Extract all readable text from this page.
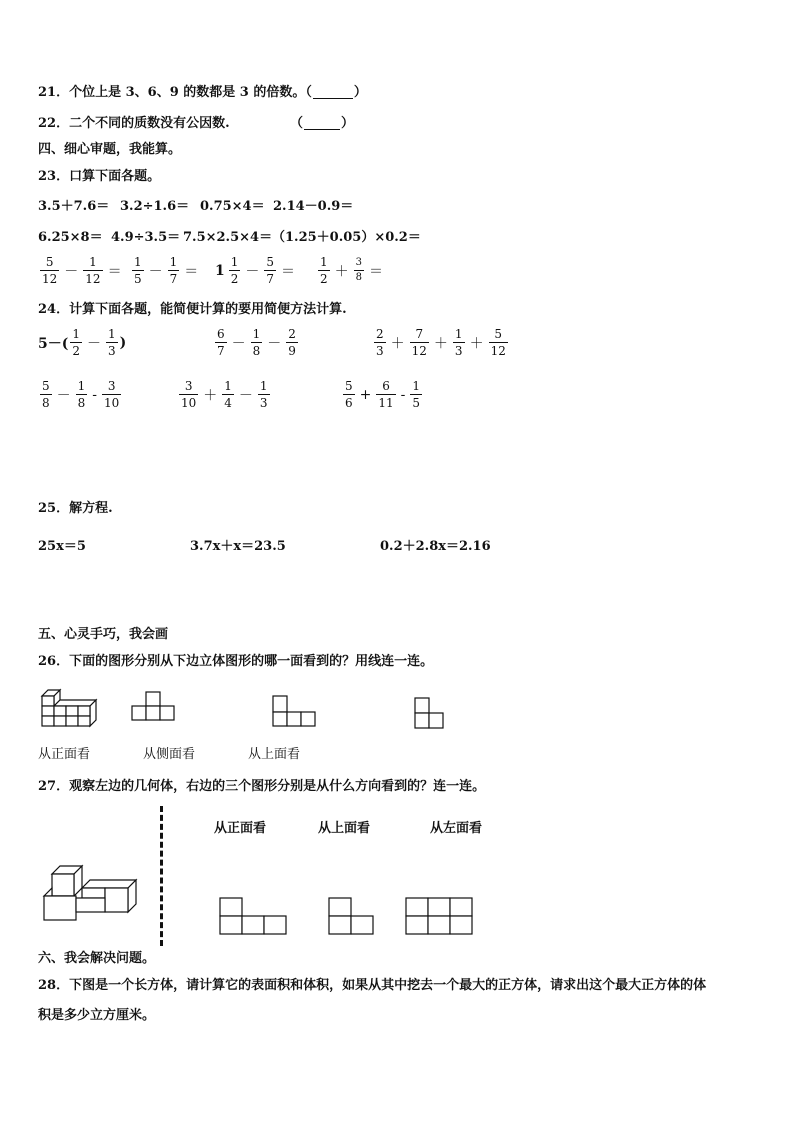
21．个位上是 3、6、9 的数都是 3 的倍数。（	）
22．二个不同的质数没有公因数.	（	）
四、细心审题，我能算。
23．口算下面各题。
3.5＋7.6＝ 3.2÷1.6＝ 0.75×4＝ 2.14－0.9＝
6.25×8＝ 4.9÷3.5＝ 7.5×2.5×4＝ （1.25＋0.05）×0.2＝
$\frac{5}{12} - \frac{1}{12} = \frac{1}{5} - \frac{1}{7} = 1 \frac{1}{2} - \frac{5}{7} = \frac{1}{2} + \frac{3}{8}$ ＝
24．计算下面各题，能简便计算的要用简便方法计算.
$5-( \frac{1}{2} - \frac{1}{3}$ )	$\frac{6}{7} - \frac{1}{8} - \frac{2}{9}$	$\frac{2}{3} + \frac{7}{12} + \frac{1}{3} + \frac{5}{12}$
$\frac{5}{8} - \frac{1}{8} - \frac{3}{10}$	$\frac{3}{10} + \frac{1}{4} - \frac{1}{3}$	$\frac{5}{6} + \frac{6}{11} - \frac{1}{5}$
25．解方程.
25x＝5	3.7x＋x＝23.5	0.2＋2.8x＝2.16
五、心灵手巧，我会画
26．下面的图形分别从下边立体图形的哪一面看到的？用线连一连。
从正面看	从侧面看	从上面看
27．观察左边的几何体，右边的三个图形分别是从什么方向看到的？连一连。
从正面看	从上面看	从左面看
六、我会解决问题。
28．下图是一个长方体，请计算它的表面积和体积，如果从其中挖去一个最大的正方体，请求出这个最大正方体的体
积是多少立方厘米。
